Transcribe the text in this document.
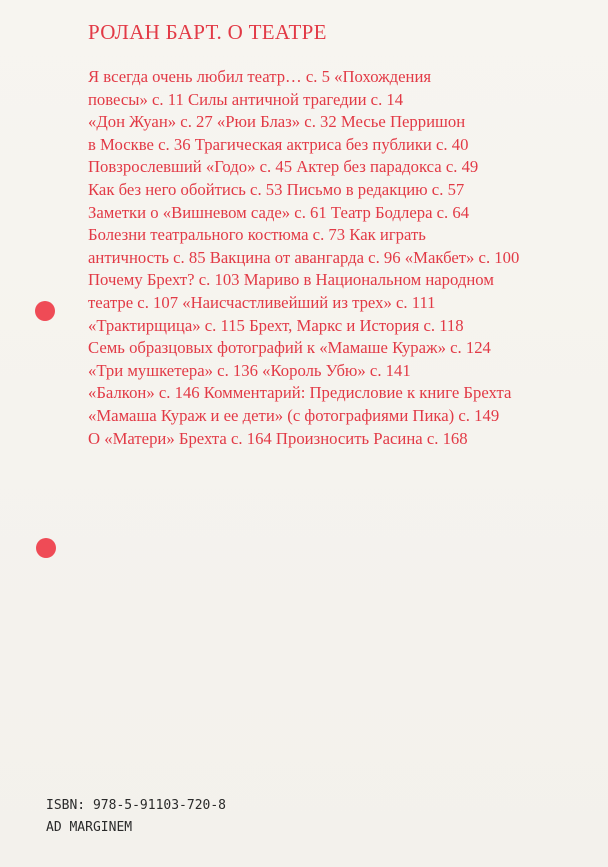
РОЛАН БАРТ. О ТЕАТРЕ
Я всегда очень любил театр… с. 5 «Похождения
повесы» с. 11 Силы античной трагедии с. 14
«Дон Жуан» с. 27 «Рюи Блаз» с. 32 Месье Перришон
в Москве с. 36 Трагическая актриса без публики с. 40
Повзрослевший «Годо» с. 45 Актер без парадокса с. 49
Как без него обойтись с. 53 Письмо в редакцию с. 57
Заметки о «Вишневом саде» с. 61 Театр Бодлера с. 64
Болезни театрального костюма с. 73 Как играть
античность с. 85 Вакцина от авангарда с. 96 «Макбет» с. 100
Почему Брехт? с. 103 Мариво в Национальном народном
театре с. 107 «Наисчастливейший из трех» с. 111
«Трактирщица» с. 115 Брехт, Маркс и История с. 118
Семь образцовых фотографий к «Мамаше Кураж» с. 124
«Три мушкетера» с. 136 «Король Убю» с. 141
«Балкон» с. 146 Комментарий: Предисловие к книге Брехта
«Мамаша Кураж и ее дети» (с фотографиями Пика) с. 149
О «Матери» Брехта с. 164 Произносить Расина с. 168
ISBN: 978-5-91103-720-8
AD MARGINEM
